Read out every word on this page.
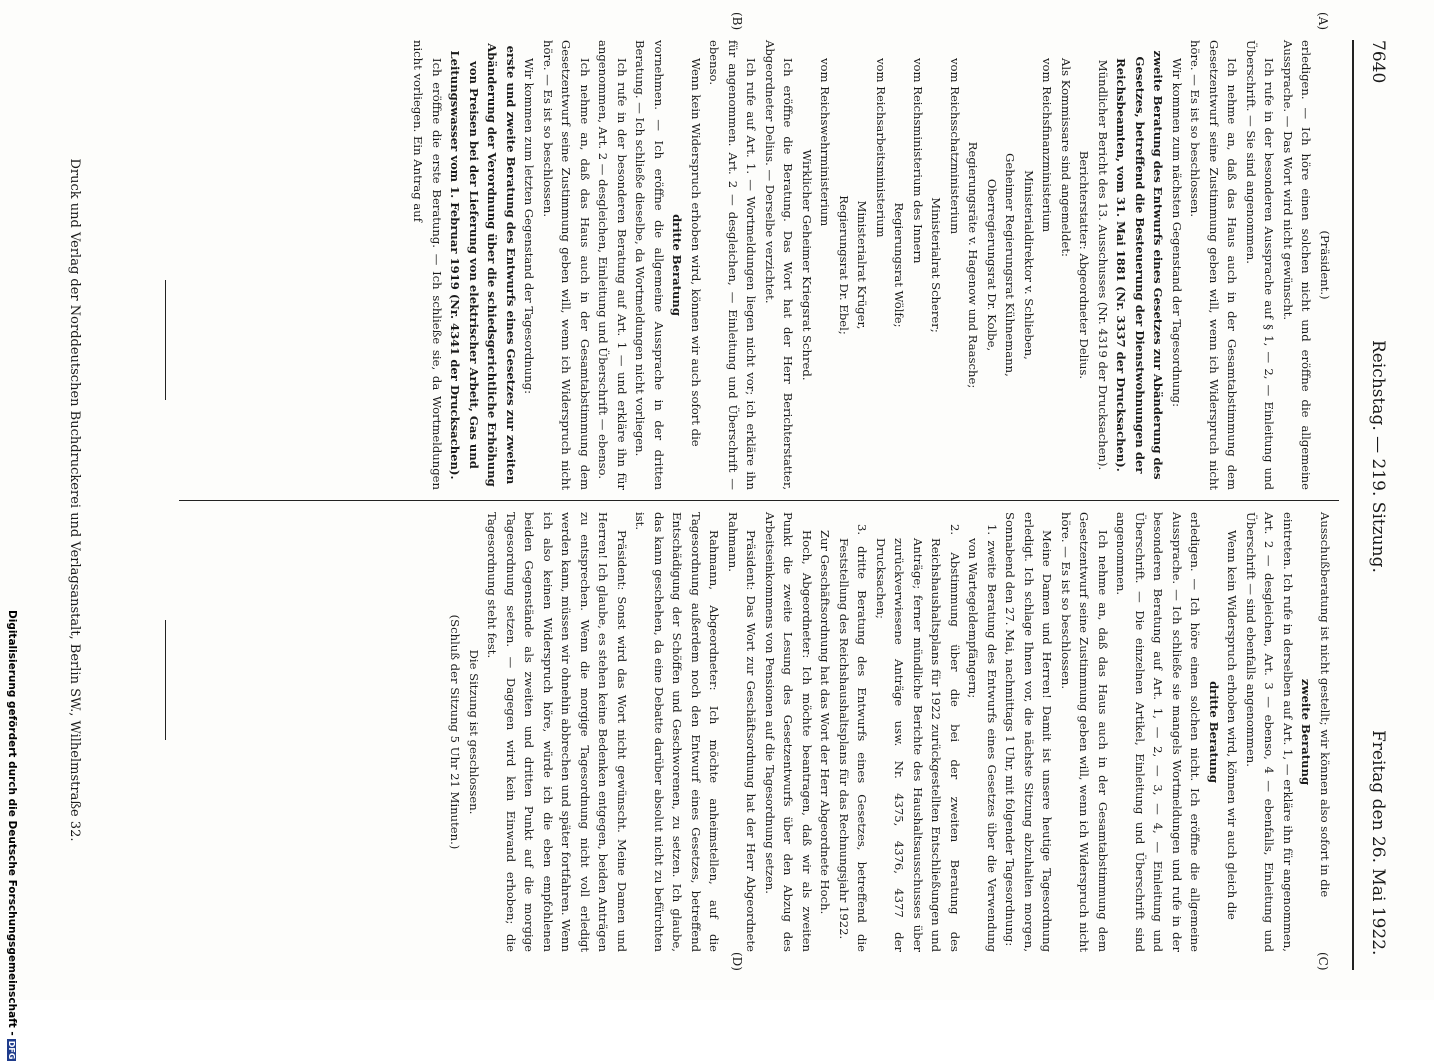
7640
Reichstag. — 219. Sitzung.
Freitag den 26. Mai 1922.
(A)
(B)
(C)
(D)

(Präsident.)

erledigen. — Ich höre einen solchen nicht und eröffne die allgemeine Aussprache. — Das Wort wird nicht gewünscht.

Ich rufe in der besonderen Aussprache auf § 1, — 2, — Einleitung und Überschrift. — Sie sind angenommen.

Ich nehme an, daß das Haus auch in der Gesamtabstimmung dem Gesetzentwurf seine Zustimmung geben will, wenn ich Widerspruch nicht höre. — Es ist so beschlossen.

Wir kommen zum nächsten Gegenstand der Tagesordnung:

zweite Beratung des Entwurfs eines Gesetzes zur Abänderung des Gesetzes, betreffend die Besteuerung der Dienstwohnungen der Reichsbeamten, vom 31. Mai 1881 (Nr. 3337 der Drucksachen).

Mündlicher Bericht des 13. Ausschusses (Nr. 4319 der Drucksachen).

Berichterstatter: Abgeordneter Delius.

Als Kommissare sind angemeldet:

vom Reichsfinanzministerium

Ministerialdirektor v. Schlieben,

Geheimer Regierungsrat Kühnemann,

Oberregierungsrat Dr. Kolbe,

Regierungsräte v. Hagenow und Raasche;

vom Reichsschatzministerium

Ministerialrat Scherer;

vom Reichsministerium des Innern

Regierungsrat Wölfe;

vom Reichsarbeitsministerium

Ministerialrat Krüger,

Regierungsrat Dr. Ebel;

vom Reichswehrministerium

Wirklicher Geheimer Kriegsrat Schred.

Ich eröffne die Beratung. Das Wort hat der Herr Berichterstatter, Abgeordneter Delius. — Derselbe verzichtet.

Ich rufe auf Art. 1. — Wortmeldungen liegen nicht vor; ich erkläre ihn für angenommen. Art. 2 — desgleichen, — Einleitung und Überschrift — ebenso.

Wenn kein Widerspruch erhoben wird, können wir auch sofort die

dritte Beratung

vornehmen. — Ich eröffne die allgemeine Aussprache in der dritten Beratung. — Ich schließe dieselbe, da Wortmeldungen nicht vorliegen.

Ich rufe in der besonderen Beratung auf Art. 1 — und erkläre ihn für angenommen, Art. 2 — desgleichen, Einleitung und Überschrift — ebenso.

Ich nehme an, daß das Haus auch in der Gesamtabstimmung dem Gesetzentwurf seine Zustimmung geben will, wenn ich Widerspruch nicht höre. — Es ist so beschlossen.

Wir kommen zum letzten Gegenstand der Tagesordnung:

erste und zweite Beratung des Entwurfs eines Gesetzes zur zweiten Abänderung der Verordnung über die schiedsgerichtliche Erhöhung von Preisen bei der Lieferung von elektrischer Arbeit, Gas und Leitungswasser vom 1. Februar 1919 (Nr. 4341 der Drucksachen).

Ich eröffne die erste Beratung. — Ich schließe sie, da Wortmeldungen nicht vorliegen. Ein Antrag auf

Ausschußberatung ist nicht gestellt; wir können also sofort in die

zweite Beratung

eintreten. Ich rufe in derselben auf Art. 1, — erkläre ihn für angenommen, Art. 2 — desgleichen, Art. 3 — ebenso, 4 — ebenfalls, Einleitung und Überschrift — sind ebenfalls angenommen.

Wenn kein Widerspruch erhoben wird, können wir auch gleich die

dritte Beratung

erledigen. — Ich höre einen solchen nicht. Ich eröffne die allgemeine Aussprache. — Ich schließe sie mangels Wortmeldungen und rufe in der besonderen Beratung auf Art. 1, — 2, — 3, — 4, — Einleitung und Überschrift. — Die einzelnen Artikel, Einleitung und Überschrift sind angenommen.

Ich nehme an, daß das Haus auch in der Gesamtabstimmung dem Gesetzentwurf seine Zustimmung geben will, wenn ich Widerspruch nicht höre. — Es ist so beschlossen.

Meine Damen und Herren! Damit ist unsere heutige Tagesordnung erledigt. Ich schlage Ihnen vor, die nächste Sitzung abzuhalten morgen, Sonnabend den 27. Mai, nachmittags 1 Uhr, mit folgender Tagesordnung:

1. zweite Beratung des Entwurfs eines Gesetzes über die Verwendung von Wartegeldempfängern;

2. Abstimmung über die bei der zweiten Beratung des Reichshaushaltsplans für 1922 zurückgestellten Entschließungen und Anträge; ferner mündliche Berichte des Haushaltsausschusses über zurückverwiesene Anträge usw. Nr. 4375, 4376, 4377 der Drucksachen;

3. dritte Beratung des Entwurfs eines Gesetzes, betreffend die Feststellung des Reichshaushaltsplans für das Rechnungsjahr 1922.

Zur Geschäftsordnung hat das Wort der Herr Abgeordnete Hoch.

Hoch, Abgeordneter: Ich möchte beantragen, daß wir als zweiten Punkt die zweite Lesung des Gesetzentwurfs über den Abzug des Arbeitseinkommens von Pensionen auf die Tagesordnung setzen.

Präsident: Das Wort zur Geschäftsordnung hat der Herr Abgeordnete Rahmann.

Rahmann, Abgeordneter: Ich möchte anheimstellen, auf die Tagesordnung außerdem noch den Entwurf eines Gesetzes, betreffend Entschädigung der Schöffen und Geschworenen, zu setzen. Ich glaube, das kann geschehen, da eine Debatte darüber absolut nicht zu befürchten ist.

Präsident: Sonst wird das Wort nicht gewünscht. Meine Damen und Herren! Ich glaube, es stehen keine Bedenken entgegen, beiden Anträgen zu entsprechen. Wenn die morgige Tagesordnung nicht voll erledigt werden kann, müssen wir ohnehin abbrechen und später fortfahren. Wenn ich also keinen Widerspruch höre, würde ich die eben empfohlenen beiden Gegenstände als zweiten und dritten Punkt auf die morgige Tagesordnung setzen. — Dagegen wird kein Einwand erhoben; die Tagesordnung steht fest.

Die Sitzung ist geschlossen.

(Schluß der Sitzung 5 Uhr 21 Minuten.)

Druck und Verlag der Norddeutschen Buchdruckerei und Verlagsanstalt, Berlin SW., Wilhelmstraße 32.
Digitalisierung gefördert durch die Deutsche Forschungsgemeinschaft -DFG
